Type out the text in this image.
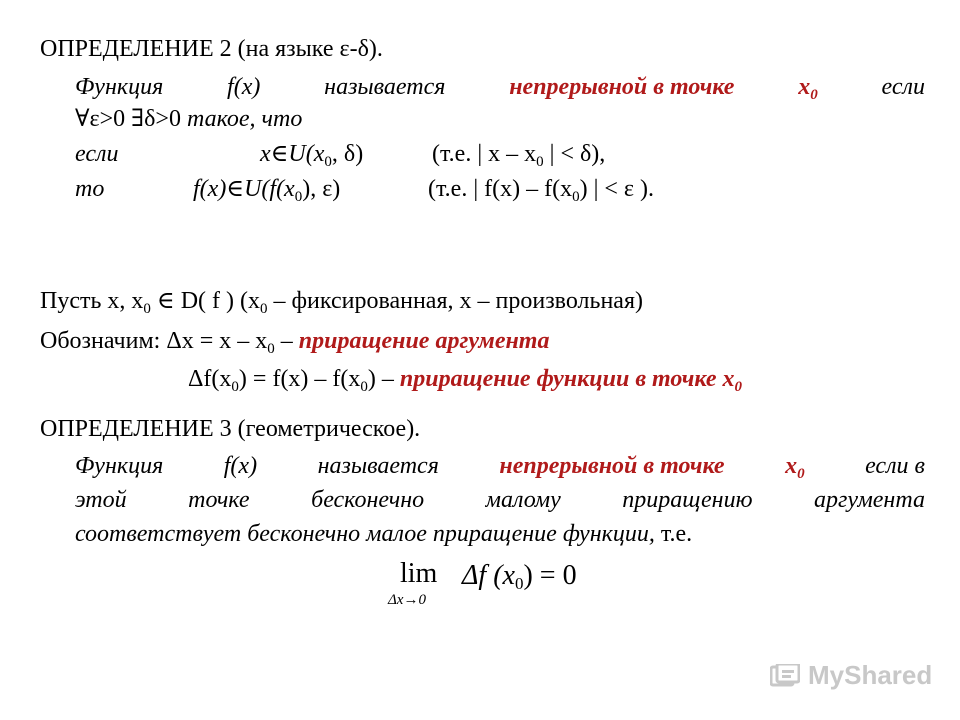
ОПРЕДЕЛЕНИЕ 2 (на языке ε-δ).
Функция	f(x)	называется	непрерывной в точке	$x_0$	если
∀ε>0 ∃δ>0 такое, что
если	$x\in U(x_0$, δ)	(т.е. | x – $x_0$ | < δ),
то	$f(x)\in U(f(x_0)$, ε)	(т.е. | $f(x) - f(x_0)$ | < ε ).
Пусть x, $x_0$ ∈ D( f ) ($x_0$ – фиксированная, x – произвольная)
Обозначим: $\Delta x = x - x_0$ – приращение аргумента
$\Delta f(x_0) = f(x) - f(x_0)$ – приращение функции в точке $x_0$
ОПРЕДЕЛЕНИЕ 3 (геометрическое).
Функция	f(x)	называется	непрерывной в точке	$x_0$	если в
этой	точке	бесконечно	малому	приращению	аргумента
соответствует бесконечно малое приращение функции, т.е.
lim
Δx→0
Δf $(x_0) = 0$
MyShared
